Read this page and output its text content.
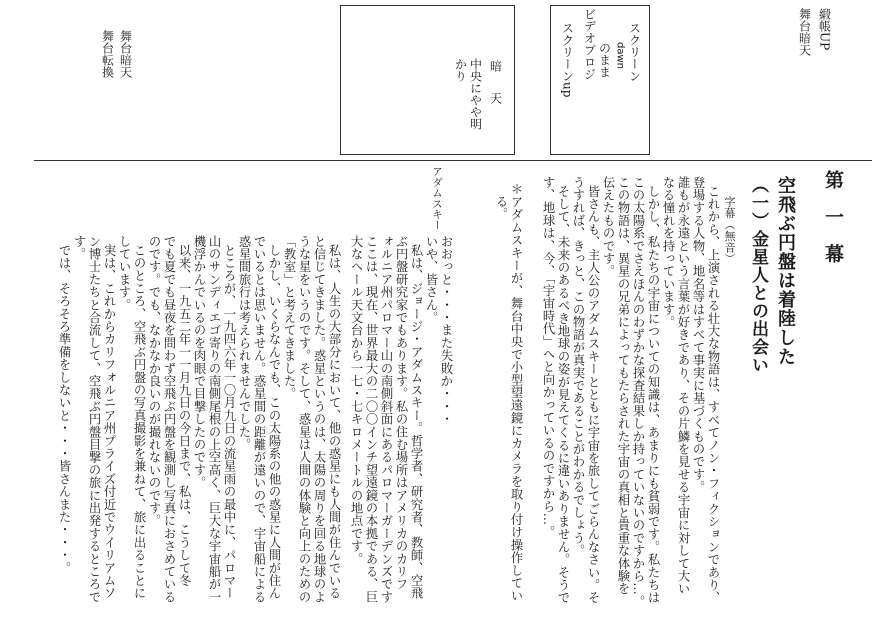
緞帳UP
舞台暗天
スクリーン
dawn
のまま
スクリーンup ビデオプロジ
暗　天
中央にやや明
かり
舞台暗天
舞台転換
第一幕
空飛ぶ円盤は着陸した
（一）金星人との出会い
字幕（無音）
これから、上演される壮大な物語は、すべてノン・フィクションであり、
登場する人物、地名等はすべて事実に基づくものです。
誰もが永遠という言葉が好きであり、その片鱗を見せる宇宙に対して大い
なる憧れを持っています。
しかし、私たちの宇宙についての知識は、あまりにも貧弱です。私たちは
この太陽系でさえほんのわずかな探査結果しか持っていないのですから…。
この物語は、異星の兄弟によってもたらされた宇宙の真相と貴重な体験を
伝えたものです。
皆さんも、主人公のアダムスキーとともに宇宙を旅してごらんなさい。そ
うすれば、きっと、この物語が真実であることがわかるでしょう。
そして、未来のあるべき地球の姿が見えてくるに違いありません。そうで
す、地球は、今、「宇宙時代」へと向かっているのですから…。
＊アダムスキーが、舞台中央で小型望遠鏡にカメラを取り付け操作してい
る。
アダムスキー
おおっと・・・また失敗か・・・
いや、皆さん。
私は、ジョージ・アダムスキー。哲学者、研究者、教師、空飛
ぶ円盤研究家でもあります。私の住む場所はアメリカのカリフ
ォルニア州パロマー山の南側斜面にあるパロマーガーデンズです
ここは、現在、世界最大の二〇〇インチ望遠鏡の本拠である、巨
大なヘール天文台から一七・七キロメートルの地点です。
私は、人生の大部分において、他の惑星にも人間が住んでいる
と信じてきました。惑星というのは、太陽の周りを回る地球のよ
うな星をいうのです。そして、惑星は人間の体験と向上のための
「教室」と考えてきました。
しかし、いくらなんでも、この太陽系の他の惑星に人間が住ん
でいるとは思いません。惑星間の距離が遠いので、宇宙船による
惑星間旅行は考えられませんでした。
ところが、一九四六年一〇月九日の流星雨の最中に、パロマー
山のサンディエゴ寄りの南側尾根の上空高く、巨大な宇宙船が一
機浮かんでいるのを肉眼で目撃したのです。
以来、一九五二年一一月九日の今日まで、私は、こうして冬
でも夏でも昼夜を問わず空飛ぶ円盤を観測し写真におさめている
のです。でも、なかなか良いのが撮れないのです。
このところ、空飛ぶ円盤の写真撮影を兼ねて、旅に出ることに
しています。
実は、これからカリフォルニア州プライズ付近でウイリアムソ
ン博士たちと合流して、空飛ぶ円盤目撃の旅に出発するところで
す。
では、そろそろ準備をしないと・・・皆さんまた・・・。
